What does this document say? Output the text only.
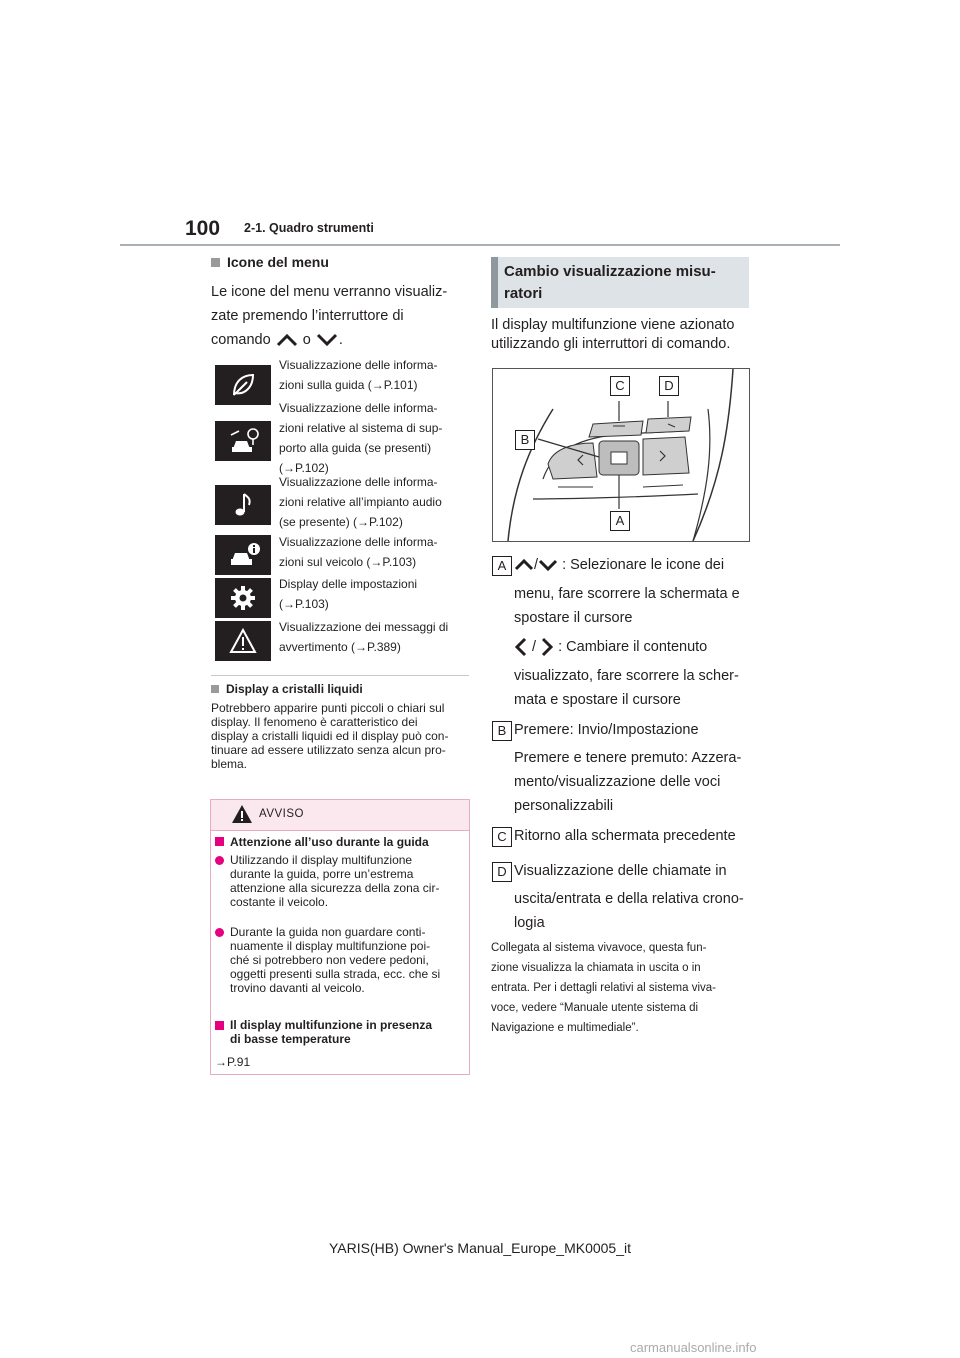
100 2-1. Quadro strumenti
Icone del menu
Le icone del menu verranno visualiz-
zate premendo l’interruttore di
comando o .
Visualizzazione delle informa-
zioni sulla guida (→P.101)
Visualizzazione delle informa-
zioni relative al sistema di sup-
porto alla guida (se presenti)
(→P.102)
Visualizzazione delle informa-
zioni relative all’impianto audio
(se presente) (→P.102)
Visualizzazione delle informa-
zioni sul veicolo (→P.103)
Display delle impostazioni
(→P.103)
Visualizzazione dei messaggi di
avvertimento (→P.389)
Display a cristalli liquidi
Potrebbero apparire punti piccoli o chiari sul
display. Il fenomeno è caratteristico dei
display a cristalli liquidi ed il display può con-
tinuare ad essere utilizzato senza alcun pro-
blema.
AVVISO
Attenzione all’uso durante la guida
Utilizzando il display multifunzione
durante la guida, porre un’estrema
attenzione alla sicurezza della zona cir-
costante il veicolo.
Durante la guida non guardare conti-
nuamente il display multifunzione poi-
ché si potrebbero non vedere pedoni,
oggetti presenti sulla strada, ecc. che si
trovino davanti al veicolo.
Il display multifunzione in presenza
di basse temperature
→P.91
Cambio visualizzazione misu-
ratori
Il display multifunzione viene azionato
utilizzando gli interruttori di comando.
C	D
B
A
A	/ : Selezionare le icone dei
menu, fare scorrere la schermata e
spostare il cursore
/ : Cambiare il contenuto
visualizzato, fare scorrere la scher-
mata e spostare il cursore
B Premere: Invio/Impostazione
Premere e tenere premuto: Azzera-
mento/visualizzazione delle voci
personalizzabili
C Ritorno alla schermata precedente
D Visualizzazione delle chiamate in
uscita/entrata e della relativa crono-
logia
Collegata al sistema vivavoce, questa fun-
zione visualizza la chiamata in uscita o in
entrata. Per i dettagli relativi al sistema viva-
voce, vedere “Manuale utente sistema di
Navigazione e multimediale”.
YARIS(HB) Owner's Manual_Europe_MK0005_it
carmanualsonline.info
